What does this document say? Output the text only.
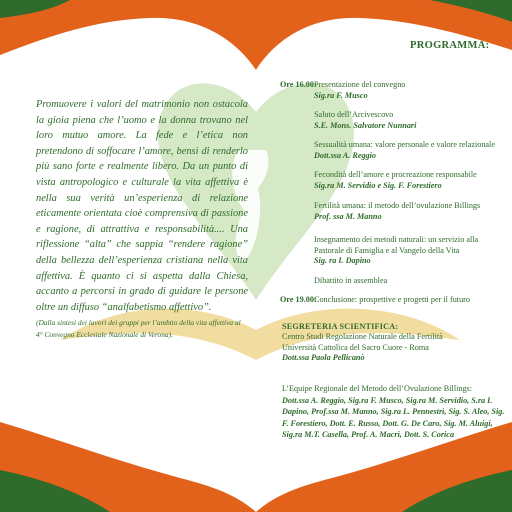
Promuovere i valori del matrimonio non ostacola la gioia piena che l’uomo e la donna trovano nel loro mutuo amore. La fede e l’etica non pretendono di soffocare l’amore, bensì di renderlo più sano forte e realmente libero. Da un punto di vista antropologico e culturale la vita affettiva è nella sua verità un’esperienza di relazione eticamente orientata cioè comprensiva di passione e ragione, di attrattiva e responsabilità.... Una riflessione “alta” che sappia “rendere ragione” della bellezza dell’esperienza cristiana nella vita affettiva. È quanto ci si aspetta dalla Chiesa, accanto a percorsi in grado di guidare le persone oltre un diffuso “analfabetismo affettivo”.

(Dalla sintesi dei lavori dei gruppi per l’ambito della vita affettiva al 4° Convegno Ecclesiale Nazionale di Verona).

PROGRAMMA:
Ore 16.00:
Presentazione del convegno
Sig.ra F. Musco
Saluto dell’Arcivescovo
S.E. Mons. Salvatore Nunnari
Sessualità umana: valore personale e valore relazionale
Dott.ssa A. Reggio
Fecondità dell’amore e procreazione responsabile
Sig.ra M. Servidio e Sig. F. Forestiero
Fertilità umana: il metodo dell’ovulazione Billings
Prof. ssa M. Manno
Insegnamento dei metodi naturali: un servizio alla Pastorale di Famiglia e al Vangelo della Vita
Sig. ra I. Dapino
Dibattito in assemblea
Ore 19.00:
Conclusione: prospettive e progetti per il futuro
SEGRETERIA SCIENTIFICA:
Centro Studi Regolazione Naturale della Fertilità
Università Cattolica del Sacro Cuore - Roma
Dott.ssa Paola Pellicanò
L’Equipe Regionale del Metodo dell’Ovulazione Billings:
Dott.ssa A. Reggio, Sig.ra F. Musco, Sig.ra M. Servidio, S.ra I. Dapino, Prof.ssa M. Manno, Sig.ra L. Pennestrì, Sig. S. Aleo, Sig. F. Forestiero, Dott. E. Russo, Dott. G. De Caro, Sig. M. Aluigi, Sig.ra M.T. Casella, Prof. A. Macrì, Dott. S. Corica
